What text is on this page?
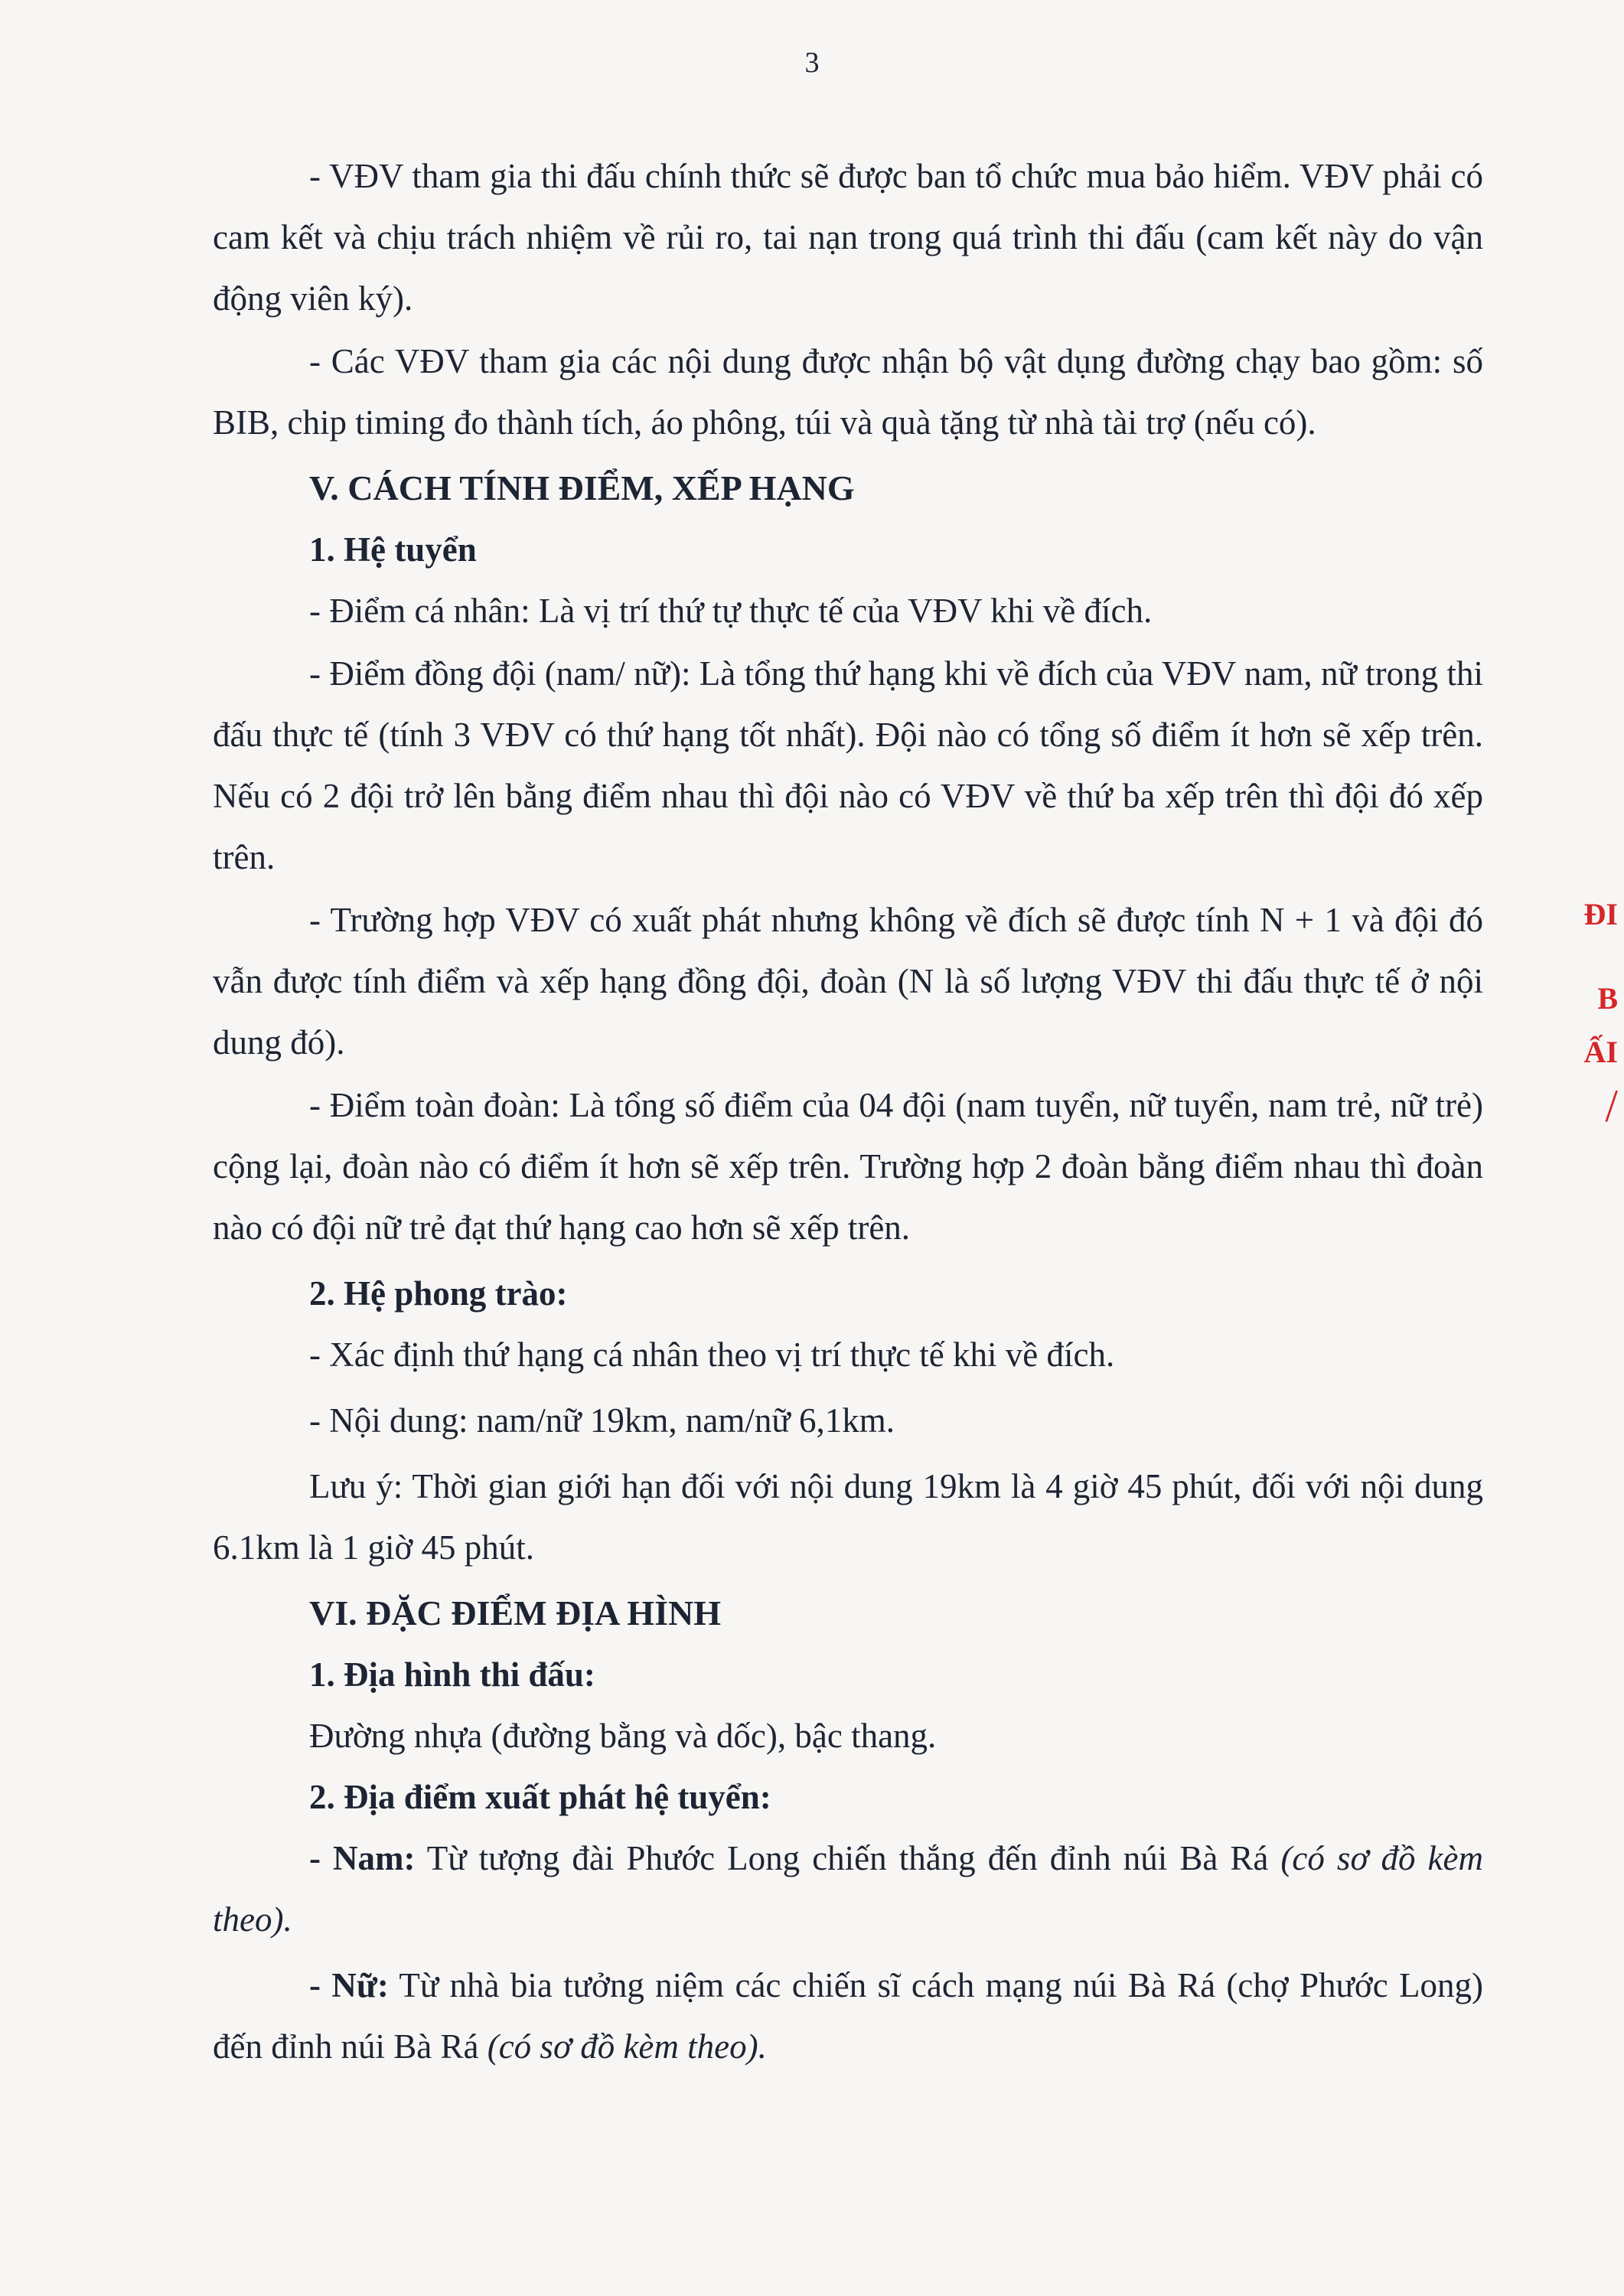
3

- VĐV tham gia thi đấu chính thức sẽ được ban tổ chức mua bảo hiểm. VĐV phải có cam kết và chịu trách nhiệm về rủi ro, tai nạn trong quá trình thi đấu (cam kết này do vận động viên ký).

- Các VĐV tham gia các nội dung được nhận bộ vật dụng đường chạy bao gồm: số BIB, chip timing đo thành tích, áo phông, túi và quà tặng từ nhà tài trợ (nếu có).

V. CÁCH TÍNH ĐIỂM, XẾP HẠNG

1. Hệ tuyển

- Điểm cá nhân: Là vị trí thứ tự thực tế của VĐV khi về đích.

- Điểm đồng đội (nam/ nữ): Là tổng thứ hạng khi về đích của VĐV nam, nữ trong thi đấu thực tế (tính 3 VĐV có thứ hạng tốt nhất). Đội nào có tổng số điểm ít hơn sẽ xếp trên. Nếu có 2 đội trở lên bằng điểm nhau thì đội nào có VĐV về thứ ba xếp trên thì đội đó xếp trên.

- Trường hợp VĐV có xuất phát nhưng không về đích sẽ được tính N + 1 và đội đó vẫn được tính điểm và xếp hạng đồng đội, đoàn (N là số lượng VĐV thi đấu thực tế ở nội dung đó).

- Điểm toàn đoàn: Là tổng số điểm của 04 đội (nam tuyển, nữ tuyển, nam trẻ, nữ trẻ) cộng lại, đoàn nào có điểm ít hơn sẽ xếp trên. Trường hợp 2 đoàn bằng điểm nhau thì đoàn nào có đội nữ trẻ đạt thứ hạng cao hơn sẽ xếp trên.

2. Hệ phong trào:

- Xác định thứ hạng cá nhân theo vị trí thực tế khi về đích.

- Nội dung: nam/nữ 19km, nam/nữ 6,1km.

Lưu ý: Thời gian giới hạn đối với nội dung 19km là 4 giờ 45 phút, đối với nội dung 6.1km là 1 giờ 45 phút.

VI. ĐẶC ĐIỂM ĐỊA HÌNH

1. Địa hình thi đấu:

Đường nhựa (đường bằng và dốc), bậc thang.

2. Địa điểm xuất phát hệ tuyển:

- Nam: Từ tượng đài Phước Long chiến thắng đến đỉnh núi Bà Rá (có sơ đồ kèm theo).

- Nữ: Từ nhà bia tưởng niệm các chiến sĩ cách mạng núi Bà Rá (chợ Phước Long) đến đỉnh núi Bà Rá (có sơ đồ kèm theo).

ĐI
B
ẤI
/
